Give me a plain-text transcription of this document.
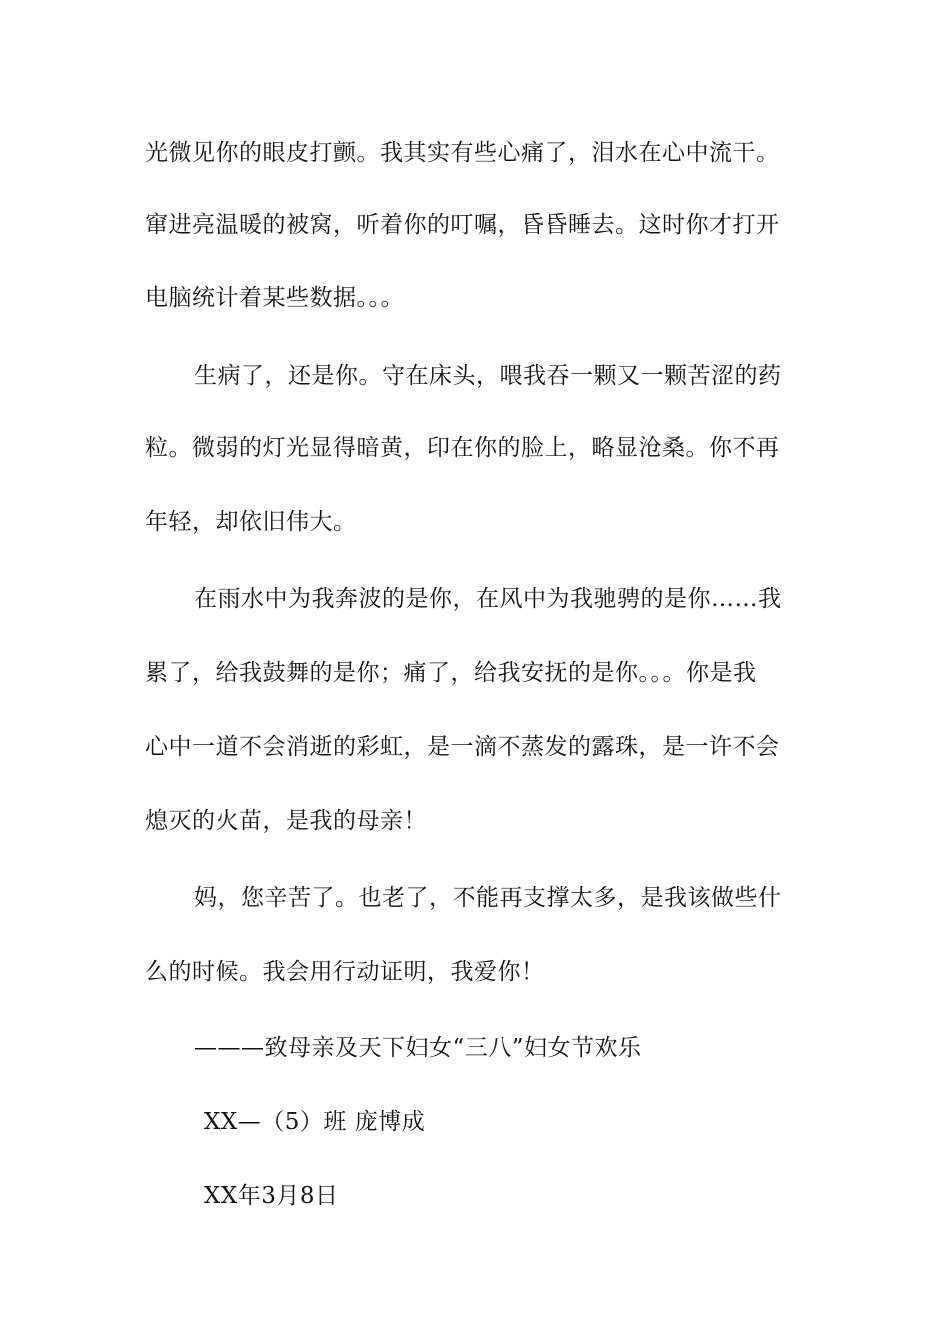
光微见你的眼皮打颤。我其实有些心痛了，泪水在心中流干。
窜进亮温暖的被窝，听着你的叮嘱，昏昏睡去。这时你才打开
电脑统计着某些数据。。。
生病了，还是你。守在床头，喂我吞一颗又一颗苦涩的药
粒。微弱的灯光显得暗黄，印在你的脸上，略显沧桑。你不再
年轻，却依旧伟大。
在雨水中为我奔波的是你，在风中为我驰骋的是你……我
累了，给我鼓舞的是你；痛了，给我安抚的是你。。。你是我
心中一道不会消逝的彩虹，是一滴不蒸发的露珠，是一许不会
熄灭的火苗，是我的母亲！
妈，您辛苦了。也老了，不能再支撑太多，是我该做些什
么的时候。我会用行动证明，我爱你！
———致母亲及天下妇女“三八”妇女节欢乐
XX—（5）班 庞博成
XX年3月8日
